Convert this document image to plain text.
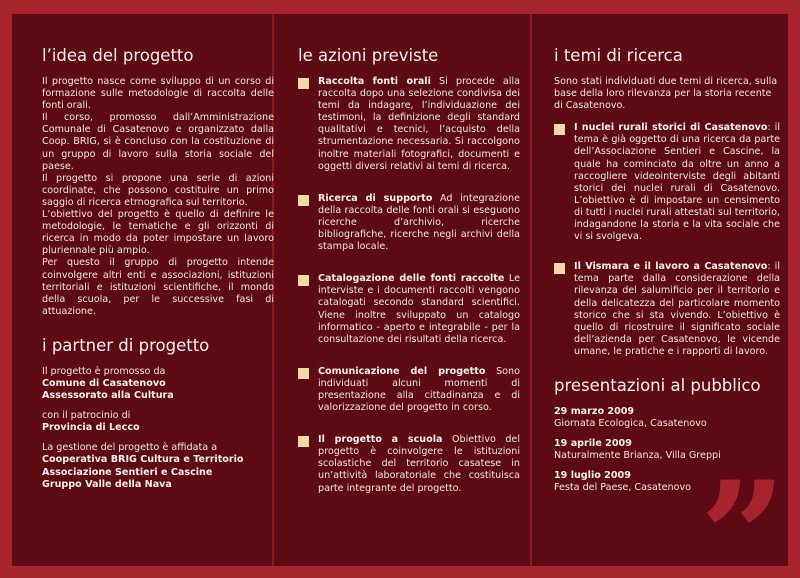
l’idea del progetto

Il progetto nasce come sviluppo di un corso di formazione sulle metodologie di raccolta delle fonti orali.

Il corso, promosso dall’Amministrazione Comunale di Casatenovo e organizzato dalla Coop. BRIG, si è concluso con la costituzione di un gruppo di lavoro sulla storia sociale del paese.

Il progetto si propone una serie di azioni coordinate, che possono costituire un primo saggio di ricerca etrnografica sul territorio.

L’obiettivo del progetto è quello di definire le metodologie, le tematiche e gli orizzonti di ricerca in modo da poter impostare un lavoro pluriennale più ampio.

Per questo il gruppo di progetto intende coinvolgere altri enti e associazioni, istituzioni territoriali e istituzioni scientifiche, il mondo della scuola, per le successive fasi di attuazione.

i partner di progetto

Il progetto è promosso da
Comune di Casatenovo
Assessorato alla Cultura

con il patrocinio di
Provincia di Lecco

La gestione del progetto è affidata a
Cooperativa BRIG Cultura e Territorio
Associazione Sentieri e Cascine
Gruppo Valle della Nava

le azioni previste
Raccolta fonti orali Si procede alla raccolta dopo una selezione condivisa dei temi da indagare, l’individuazione dei testimoni, la definizione degli standard qualitativi e tecnici, l’acquisto della strumentazione necessaria. Si raccolgono inoltre materiali fotografici, documenti e oggetti diversi relativi ai temi di ricerca.
Ricerca di supporto Ad integrazione della raccolta delle fonti orali si eseguono ricerche d’archivio, ricerche bibliografiche, ricerche negli archivi della stampa locale.
Catalogazione delle fonti raccolte Le interviste e i documenti raccolti vengono catalogati secondo standard scientifici. Viene inoltre sviluppato un catalogo informatico - aperto e integrabile - per la consultazione dei risultati della ricerca.
Comunicazione del progetto Sono individuati alcuni momenti di presentazione alla cittadinanza e di valorizzazione del progetto in corso.
Il progetto a scuola Obiettivo del progetto è coinvolgere le istituzioni scolastiche del territorio casatese in un’attività laboratoriale che costituisca parte integrante del progetto.
i temi di ricerca

Sono stati individuati due temi di ricerca, sulla base della loro rilevanza per la storia recente di Casatenovo.

I nuclei rurali storici di Casatenovo: il tema è già oggetto di una ricerca da parte dell’Associazione Sentieri e Cascine, la quale ha cominciato da oltre un anno a raccogliere videointerviste degli abitanti storici dei nuclei rurali di Casatenovo. L’obiettivo è di impostare un censimento di tutti i nuclei rurali attestati sul territorio, indagandone la storia e la vita sociale che vi si svolgeva.
Il Vismara e il lavoro a Casatenovo: il tema parte dalla considerazione della rilevanza del salumificio per il territorio e della delicatezza del particolare momento storico che si sta vivendo. L’obiettivo è quello di ricostruire il significato sociale dell’azienda per Casatenovo, le vicende umane, le pratiche e i rapporti di lavoro.
presentazioni al pubblico
29 marzo 2009
Giornata Ecologica, Casatenovo
19 aprile 2009
Naturalmente Brianza, Villa Greppi
19 luglio 2009
Festa del Paese, Casatenovo ”
